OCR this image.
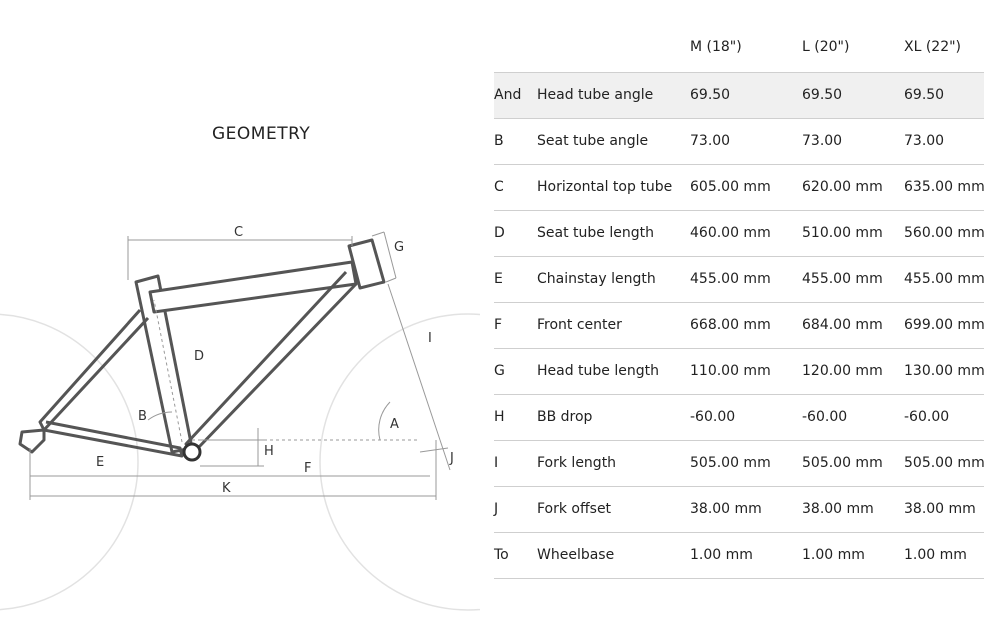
GEOMETRY
C
G
D
I
B
A
H	J
E	F
K
M (18")	L (20")	XL (22")
And Head tube angle	69.50	69.50	69.50
B Seat tube angle	73.00	73.00	73.00
C Horizontal top tube 605.00 mm 620.00 mm 635.00 mm
D Seat tube length	460.00 mm 510.00 mm 560.00 mm
E Chainstay length 455.00 mm 455.00 mm 455.00 mm
F Front center	668.00 mm 684.00 mm 699.00 mm
G Head tube length 110.00 mm 120.00 mm 130.00 mm
H BB drop	-60.00	-60.00	-60.00
I	Fork length	505.00 mm 505.00 mm 505.00 mm
J	Fork offset	38.00 mm	38.00 mm 38.00 mm
To Wheelbase	1.00 mm	1.00 mm	1.00 mm
